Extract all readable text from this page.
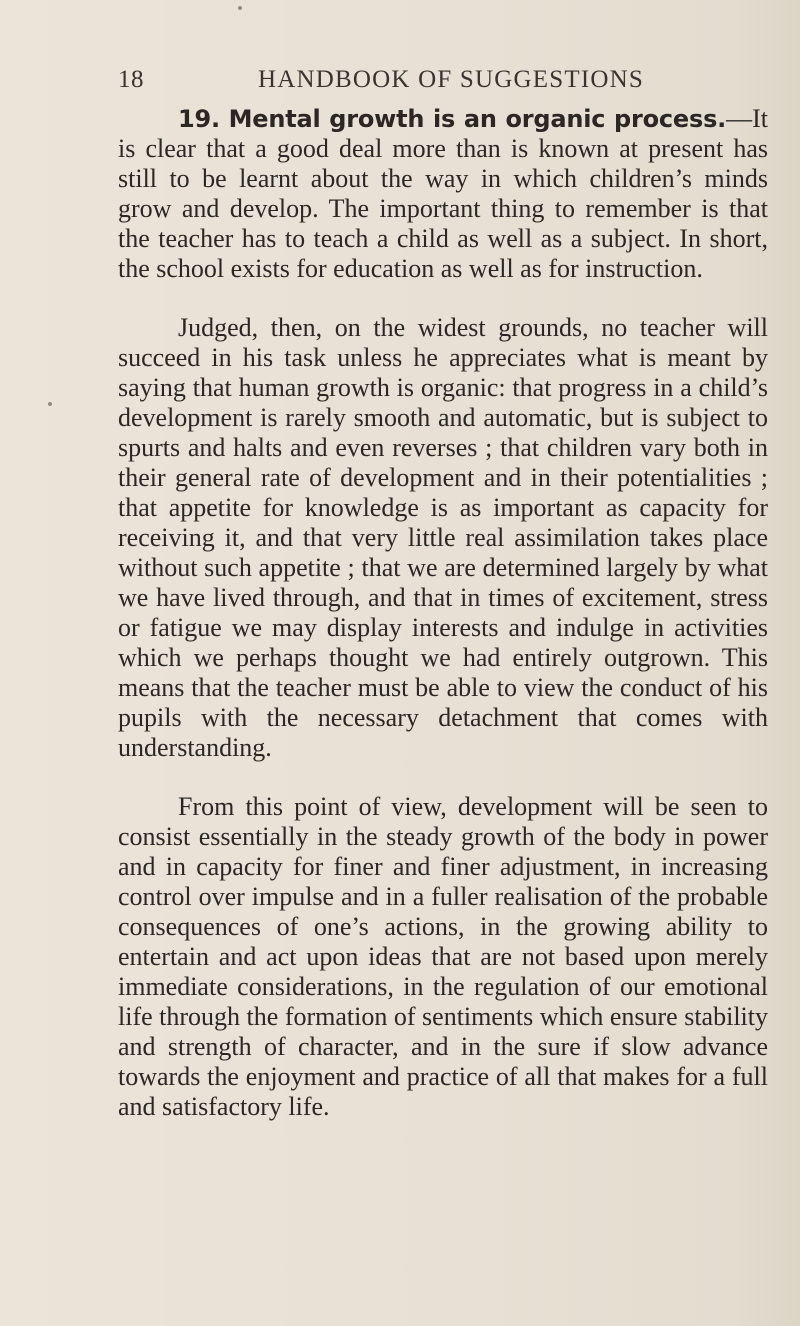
18	HANDBOOK OF SUGGESTIONS

19. Mental growth is an organic process.—It is clear that a good deal more than is known at present has still to be learnt about the way in which children’s minds grow and develop. The important thing to remember is that the teacher has to teach a child as well as a subject. In short, the school exists for education as well as for instruction.

Judged, then, on the widest grounds, no teacher will succeed in his task unless he appreciates what is meant by saying that human growth is organic: that progress in a child’s development is rarely smooth and automatic, but is subject to spurts and halts and even reverses ; that children vary both in their general rate of development and in their potentialities ; that appetite for knowledge is as important as capacity for receiving it, and that very little real assimilation takes place without such appetite ; that we are determined largely by what we have lived through, and that in times of excitement, stress or fatigue we may display interests and indulge in activities which we perhaps thought we had entirely outgrown. This means that the teacher must be able to view the conduct of his pupils with the necessary detachment that comes with understanding.

From this point of view, development will be seen to consist essentially in the steady growth of the body in power and in capacity for finer and finer adjustment, in increasing control over impulse and in a fuller realisation of the probable consequences of one’s actions, in the growing ability to entertain and act upon ideas that are not based upon merely immediate considerations, in the regulation of our emotional life through the formation of sentiments which ensure stability and strength of character, and in the sure if slow advance towards the enjoyment and practice of all that makes for a full and satisfactory life.
